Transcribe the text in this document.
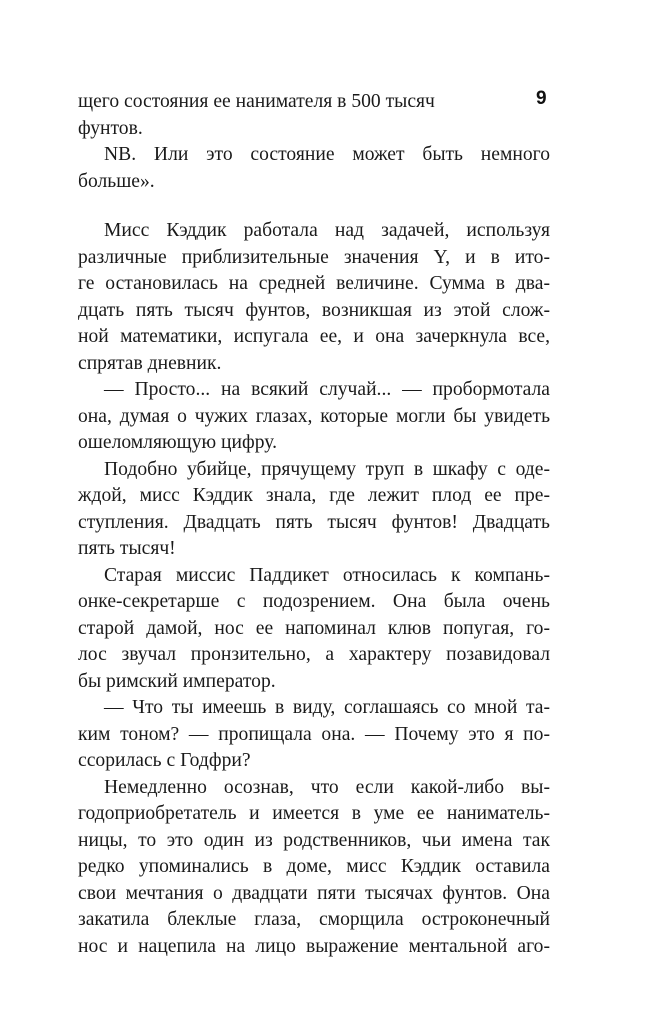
9
щего состояния ее нанимателя в 500 тысяч
фунтов.
NB. Или это состояние может быть немного
больше».
Мисс Кэддик работала над задачей, используя
различные приблизительные значения Y, и в ито-
ге остановилась на средней величине. Сумма в два-
дцать пять тысяч фунтов, возникшая из этой слож-
ной математики, испугала ее, и она зачеркнула все,
спрятав дневник.
— Просто... на всякий случай... — пробормотала
она, думая о чужих глазах, которые могли бы увидеть
ошеломляющую цифру.
Подобно убийце, прячущему труп в шкафу с оде-
ждой, мисс Кэддик знала, где лежит плод ее пре-
ступления. Двадцать пять тысяч фунтов! Двадцать
пять тысяч!
Старая миссис Паддикет относилась к компань-
онке-секретарше с подозрением. Она была очень
старой дамой, нос ее напоминал клюв попугая, го-
лос звучал пронзительно, а характеру позавидовал
бы римский император.
— Что ты имеешь в виду, соглашаясь со мной та-
ким тоном? — пропищала она. — Почему это я по-
ссорилась с Годфри?
Немедленно осознав, что если какой-либо вы-
годоприобретатель и имеется в уме ее наниматель-
ницы, то это один из родственников, чьи имена так
редко упоминались в доме, мисс Кэддик оставила
свои мечтания о двадцати пяти тысячах фунтов. Она
закатила блеклые глаза, сморщила остроконечный
нос и нацепила на лицо выражение ментальной аго-
